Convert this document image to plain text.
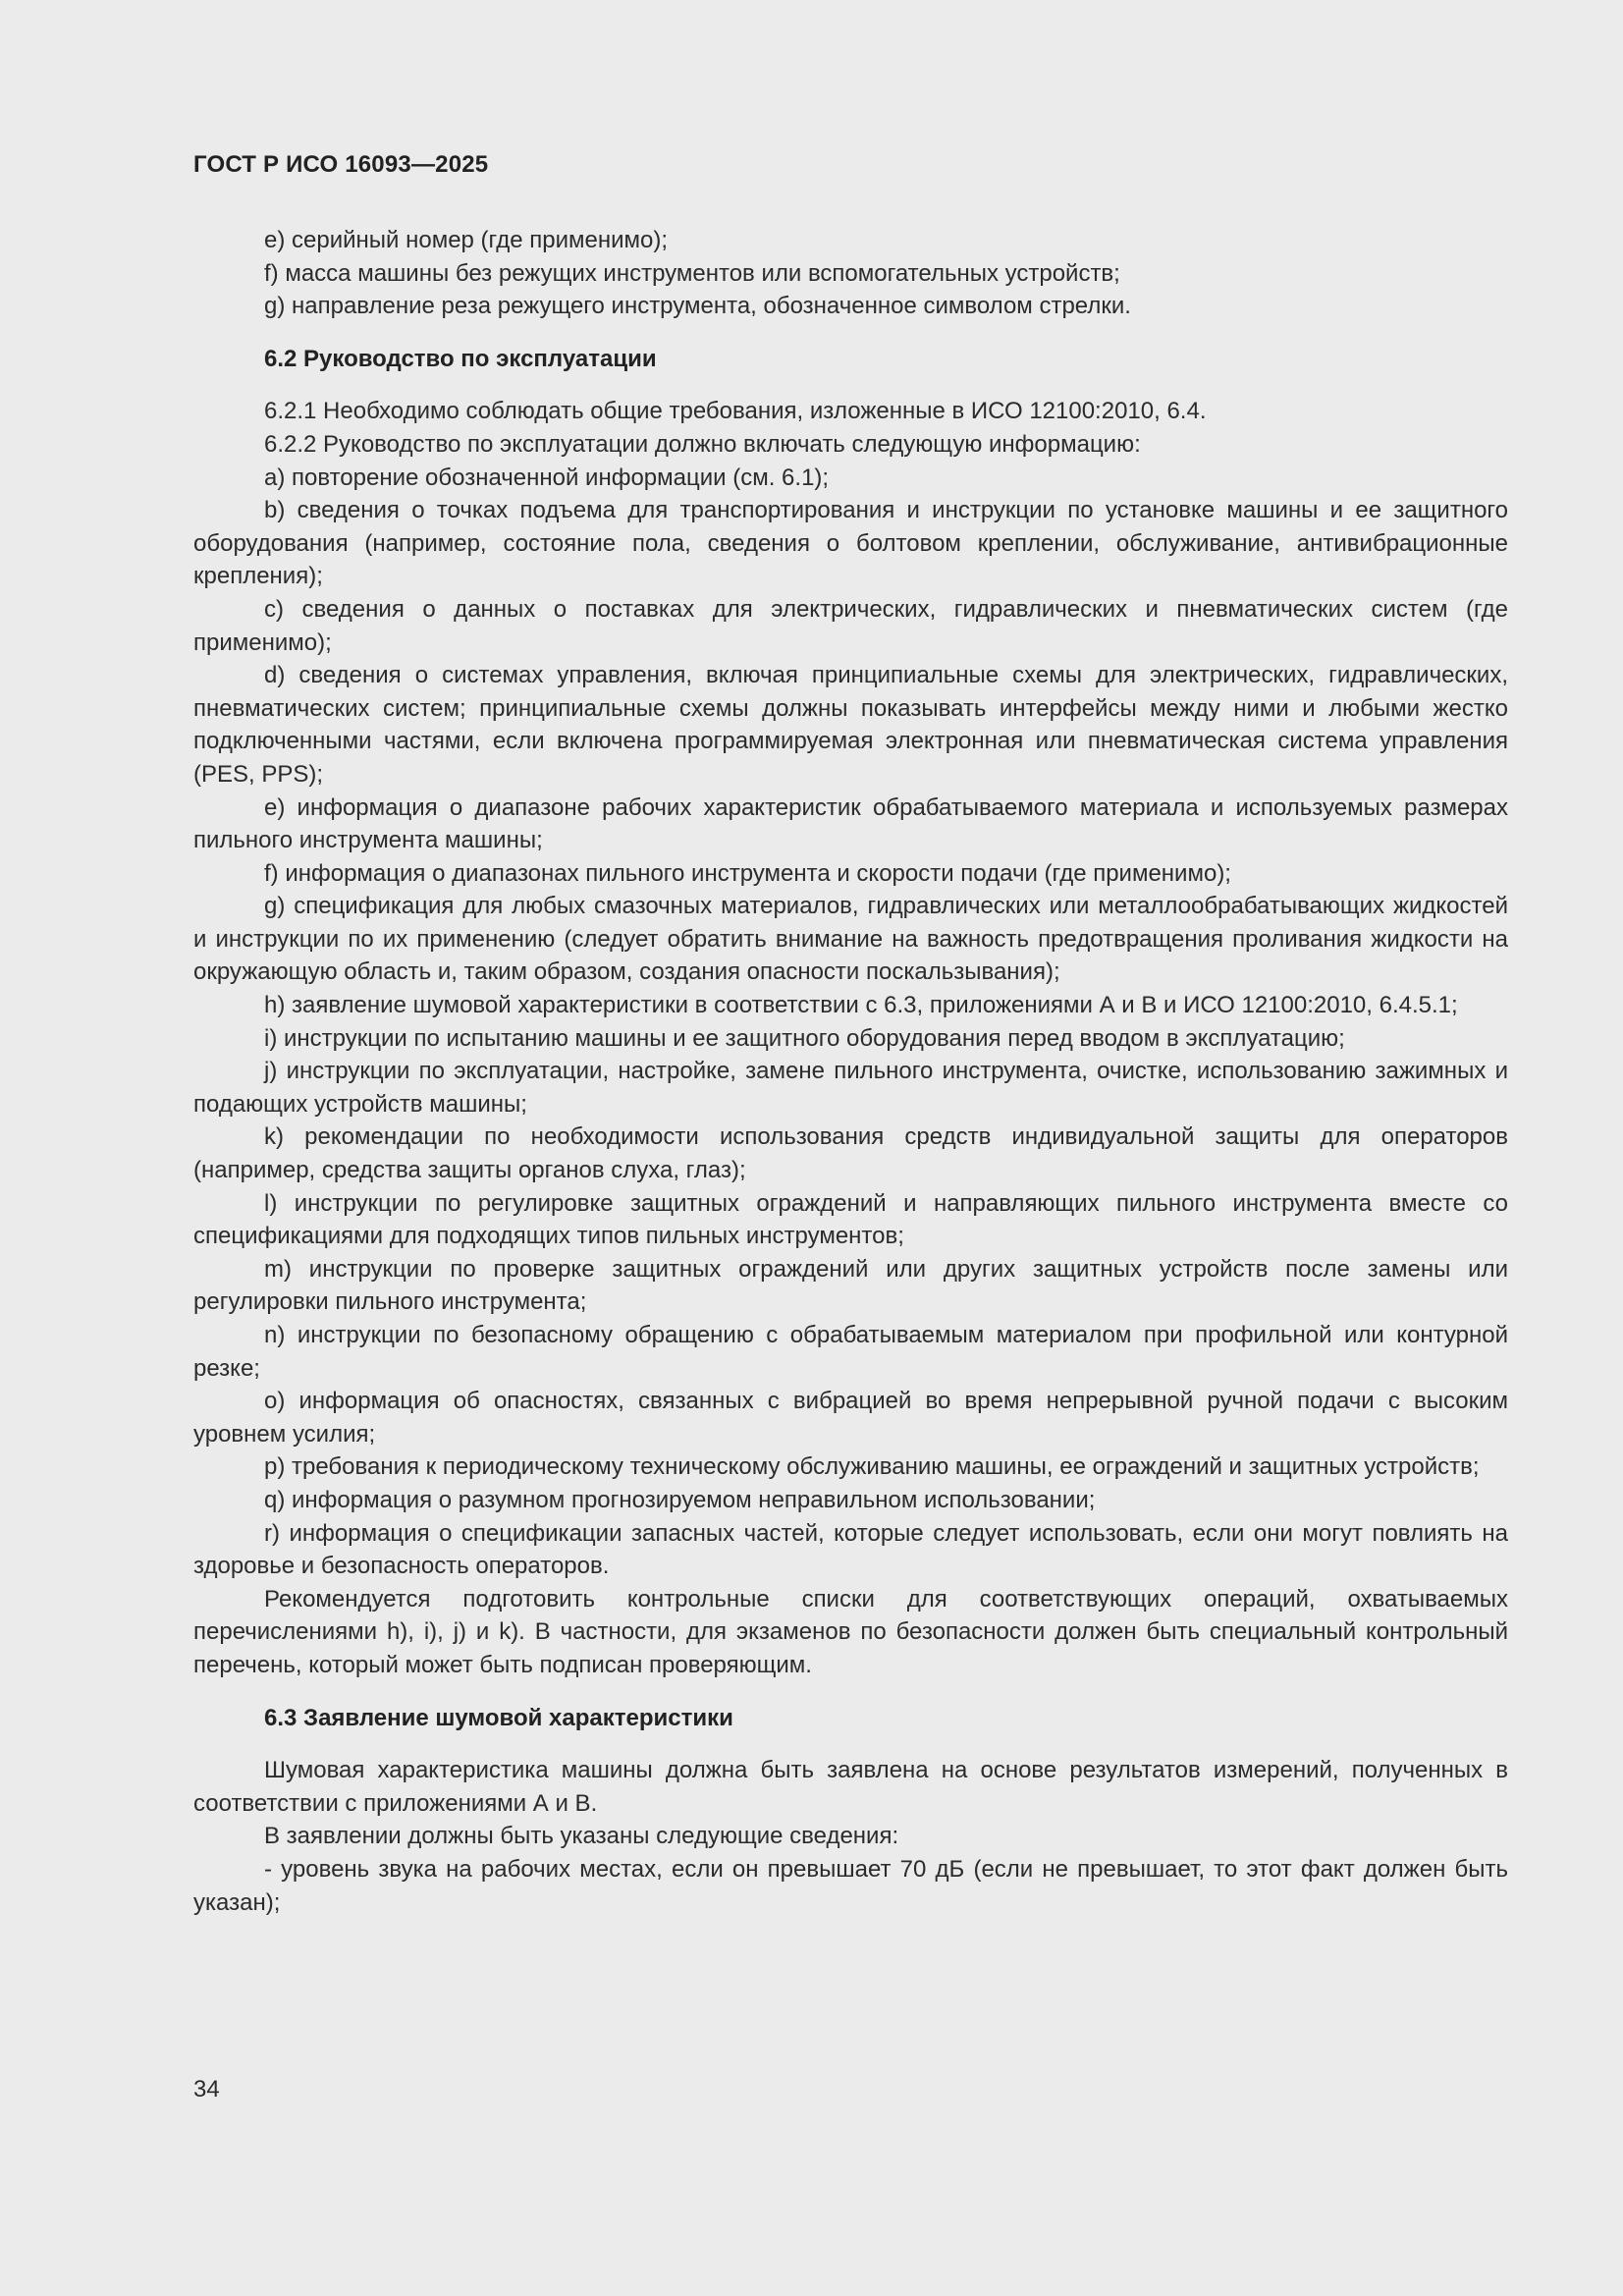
ГОСТ Р ИСО 16093—2025

e) серийный номер (где применимо);

f) масса машины без режущих инструментов или вспомогательных устройств;

g) направление реза режущего инструмента, обозначенное символом стрелки.

6.2 Руководство по эксплуатации

6.2.1 Необходимо соблюдать общие требования, изложенные в ИСО 12100:2010, 6.4.

6.2.2 Руководство по эксплуатации должно включать следующую информацию:

a) повторение обозначенной информации (см. 6.1);

b) сведения о точках подъема для транспортирования и инструкции по установке машины и ее защитного оборудования (например, состояние пола, сведения о болтовом креплении, обслуживание, антивибрационные крепления);

c) сведения о данных о поставках для электрических, гидравлических и пневматических систем (где применимо);

d) сведения о системах управления, включая принципиальные схемы для электрических, гидравлических, пневматических систем; принципиальные схемы должны показывать интерфейсы между ними и любыми жестко подключенными частями, если включена программируемая электронная или пневматическая система управления (PES, PPS);

e) информация о диапазоне рабочих характеристик обрабатываемого материала и используемых размерах пильного инструмента машины;

f) информация о диапазонах пильного инструмента и скорости подачи (где применимо);

g) спецификация для любых смазочных материалов, гидравлических или металлообрабатывающих жидкостей и инструкции по их применению (следует обратить внимание на важность предотвращения проливания жидкости на окружающую область и, таким образом, создания опасности поскальзывания);

h) заявление шумовой характеристики в соответствии с 6.3, приложениями А и В и ИСО 12100:2010, 6.4.5.1;

i) инструкции по испытанию машины и ее защитного оборудования перед вводом в эксплуатацию;

j) инструкции по эксплуатации, настройке, замене пильного инструмента, очистке, использованию зажимных и подающих устройств машины;

k) рекомендации по необходимости использования средств индивидуальной защиты для операторов (например, средства защиты органов слуха, глаз);

l) инструкции по регулировке защитных ограждений и направляющих пильного инструмента вместе со спецификациями для подходящих типов пильных инструментов;

m) инструкции по проверке защитных ограждений или других защитных устройств после замены или регулировки пильного инструмента;

n) инструкции по безопасному обращению с обрабатываемым материалом при профильной или контурной резке;

o) информация об опасностях, связанных с вибрацией во время непрерывной ручной подачи с высоким уровнем усилия;

p) требования к периодическому техническому обслуживанию машины, ее ограждений и защитных устройств;

q) информация о разумном прогнозируемом неправильном использовании;

r) информация о спецификации запасных частей, которые следует использовать, если они могут повлиять на здоровье и безопасность операторов.

Рекомендуется подготовить контрольные списки для соответствующих операций, охватываемых перечислениями h), i), j) и k). В частности, для экзаменов по безопасности должен быть специальный контрольный перечень, который может быть подписан проверяющим.

6.3 Заявление шумовой характеристики

Шумовая характеристика машины должна быть заявлена на основе результатов измерений, полученных в соответствии с приложениями А и В.

В заявлении должны быть указаны следующие сведения:

- уровень звука на рабочих местах, если он превышает 70 дБ (если не превышает, то этот факт должен быть указан);

34
